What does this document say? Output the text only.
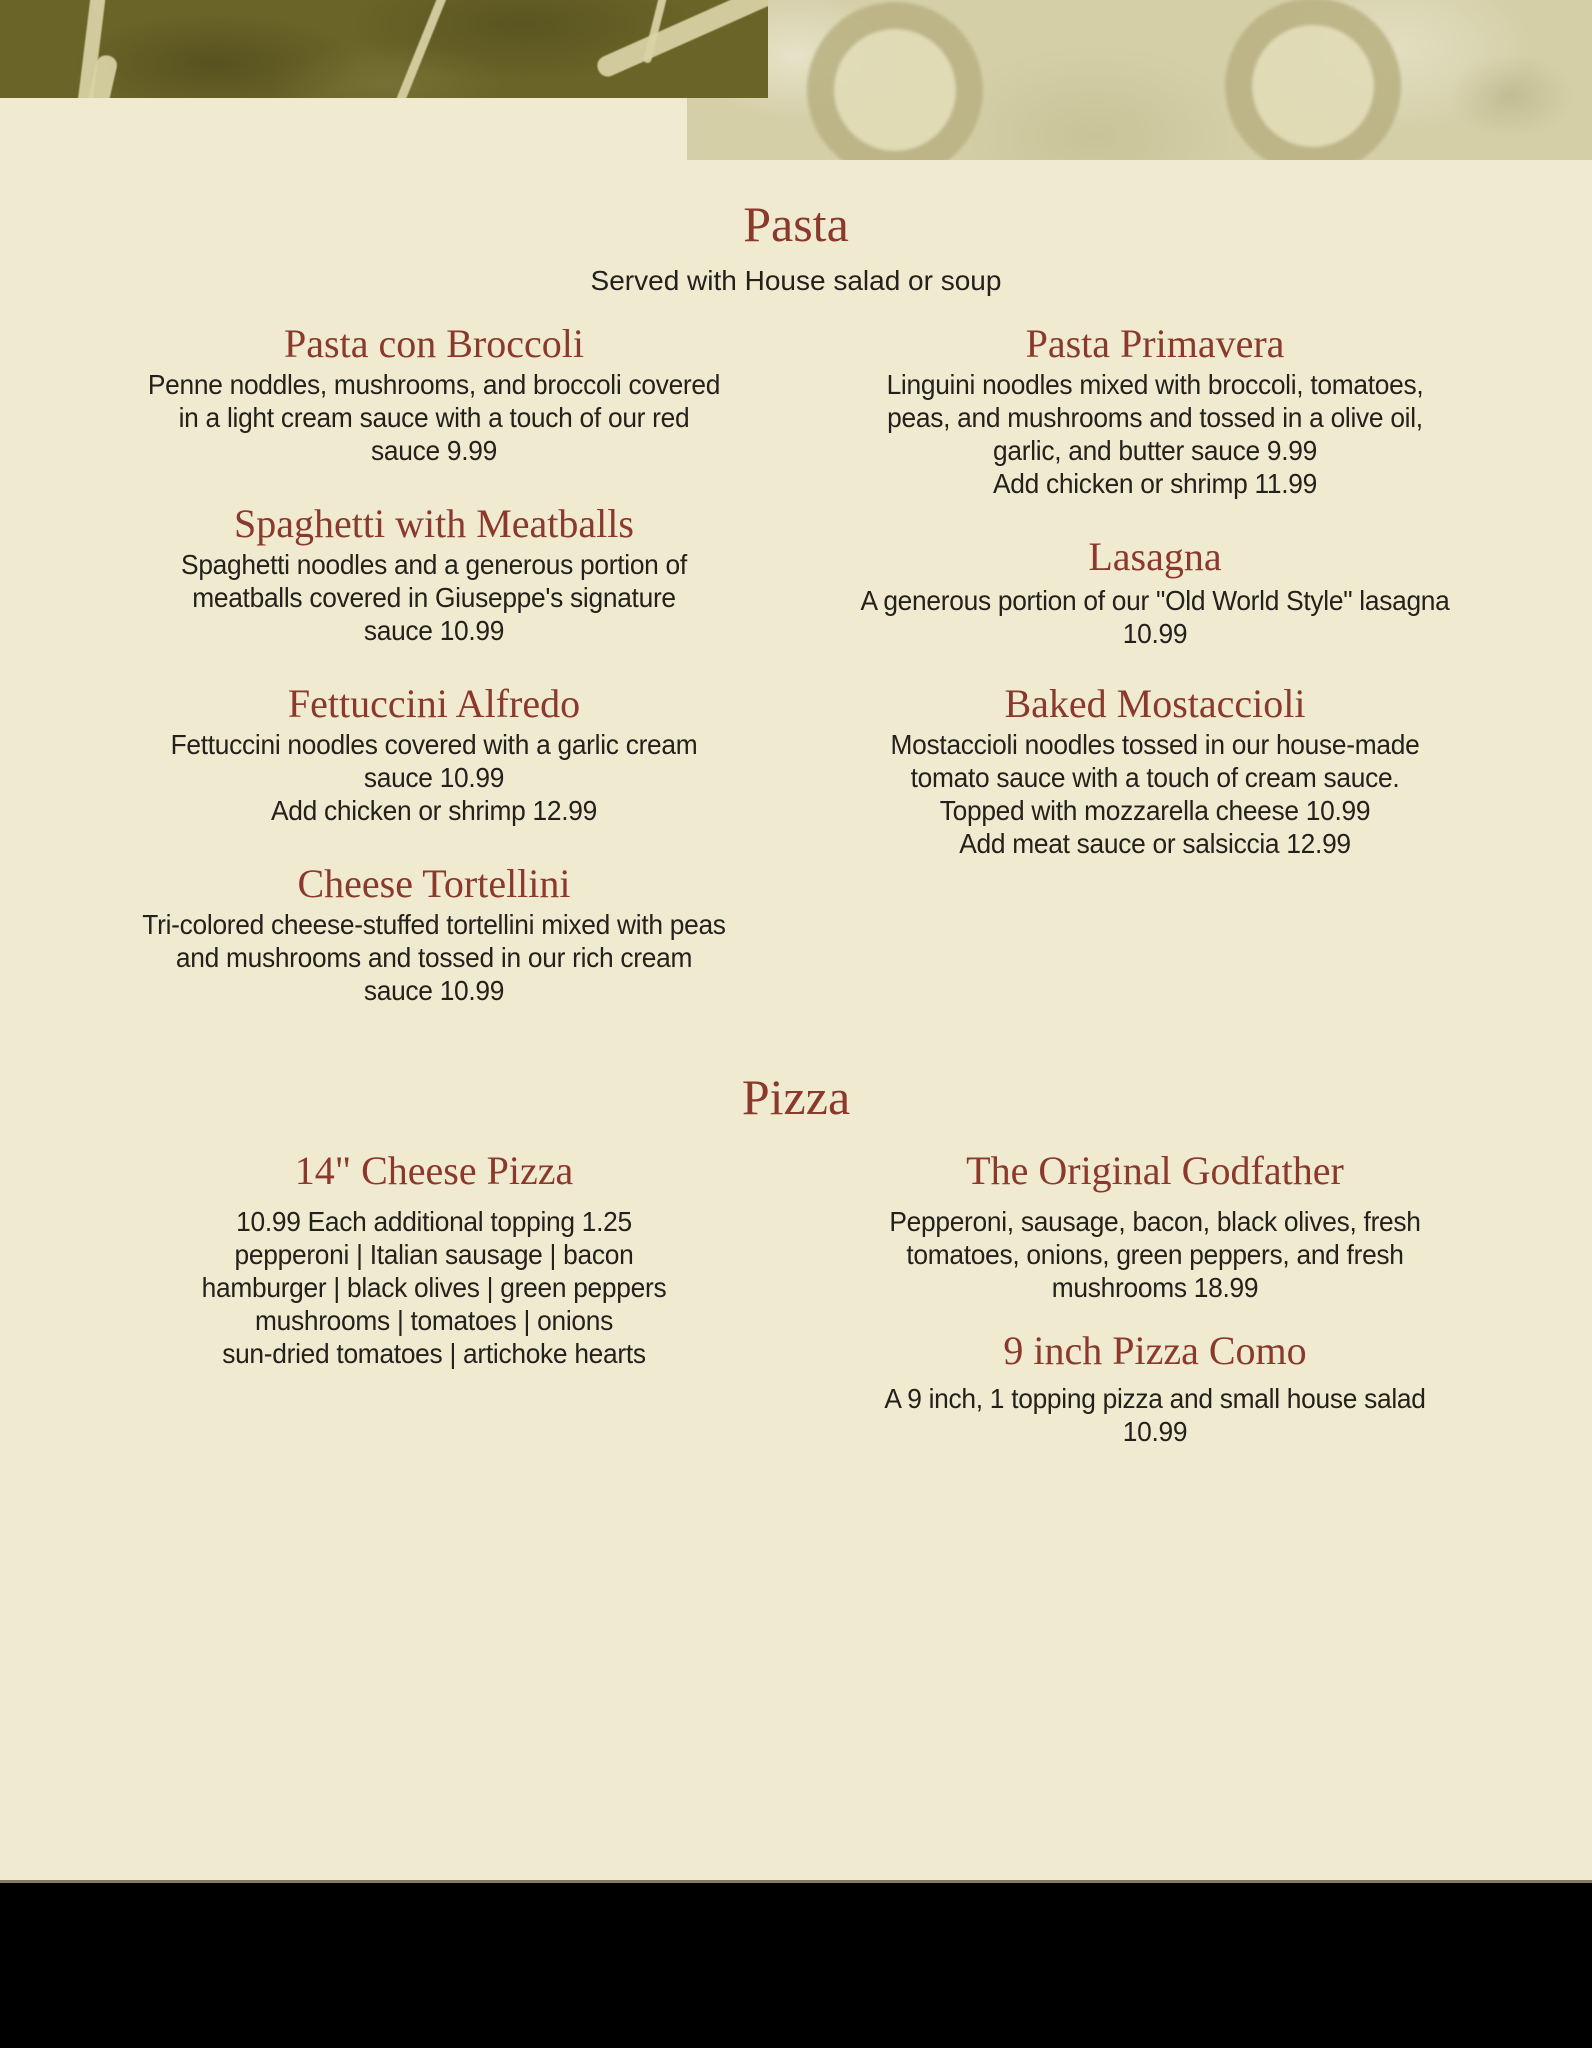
Pasta
Served with House salad or soup
Pasta con Broccoli
Penne noddles, mushrooms, and broccoli covered
in a light cream sauce with a touch of our red
sauce 9.99
Spaghetti with Meatballs
Spaghetti noodles and a generous portion of
meatballs covered in Giuseppe's signature
sauce 10.99
Fettuccini Alfredo
Fettuccini noodles covered with a garlic cream
sauce 10.99
Add chicken or shrimp 12.99
Cheese Tortellini
Tri-colored cheese-stuffed tortellini mixed with peas
and mushrooms and tossed in our rich cream
sauce 10.99
Pasta Primavera
Linguini noodles mixed with broccoli, tomatoes,
peas, and mushrooms and tossed in a olive oil,
garlic, and butter sauce 9.99
Add chicken or shrimp 11.99
Lasagna
A generous portion of our "Old World Style" lasagna
10.99
Baked Mostaccioli
Mostaccioli noodles tossed in our house-made
tomato sauce with a touch of cream sauce.
Topped with mozzarella cheese 10.99
Add meat sauce or salsiccia 12.99
Pizza
14" Cheese Pizza
10.99 Each additional topping 1.25
pepperoni | Italian sausage | bacon
hamburger | black olives | green peppers
mushrooms | tomatoes | onions
sun-dried tomatoes | artichoke hearts
The Original Godfather
Pepperoni, sausage, bacon, black olives, fresh
tomatoes, onions, green peppers, and fresh
mushrooms 18.99
9 inch Pizza Como
A 9 inch, 1 topping pizza and small house salad
10.99
